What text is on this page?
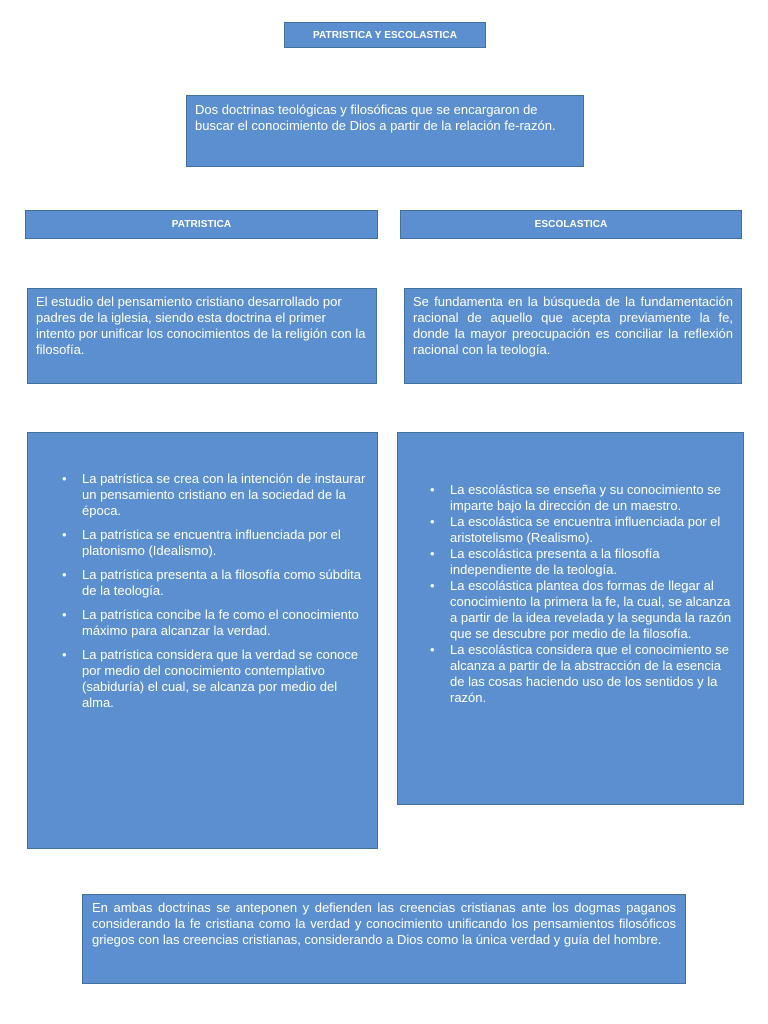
PATRISTICA Y ESCOLASTICA
Dos doctrinas teológicas y filosóficas que se encargaron de buscar el conocimiento de Dios a partir de la relación fe-razón.
PATRISTICA	ESCOLASTICA
El estudio del pensamiento cristiano desarrollado por padres de la iglesia, siendo esta doctrina el primer intento por unificar los conocimientos de la religión con la filosofía.
Se fundamenta en la búsqueda de la fundamentación racional de aquello que acepta previamente la fe, donde la mayor preocupación es conciliar la reflexión racional con la teología.
• La patrística se crea con la intención de instaurar un pensamiento cristiano en la sociedad de la época.
• La patrística se encuentra influenciada por el platonismo (Idealismo).
• La patrística presenta a la filosofía como súbdita de la teología.
• La patrística concibe la fe como el conocimiento máximo para alcanzar la verdad.
• La patrística considera que la verdad se conoce por medio del conocimiento contemplativo (sabiduría) el cual, se alcanza por medio del alma.
• La escolástica se enseña y su conocimiento se imparte bajo la dirección de un maestro.
• La escolástica se encuentra influenciada por el aristotelismo (Realismo).
• La escolástica presenta a la filosofía independiente de la teología.
• La escolástica plantea dos formas de llegar al conocimiento la primera la fe, la cual, se alcanza a partir de la idea revelada y la segunda la razón que se descubre por medio de la filosofía.
• La escolástica considera que el conocimiento se alcanza a partir de la abstracción de la esencia de las cosas haciendo uso de los sentidos y la razón.
En ambas doctrinas se anteponen y defienden las creencias cristianas ante los dogmas paganos considerando la fe cristiana como la verdad y conocimiento unificando los pensamientos filosóficos griegos con las creencias cristianas, considerando a Dios como la única verdad y guía del hombre.
